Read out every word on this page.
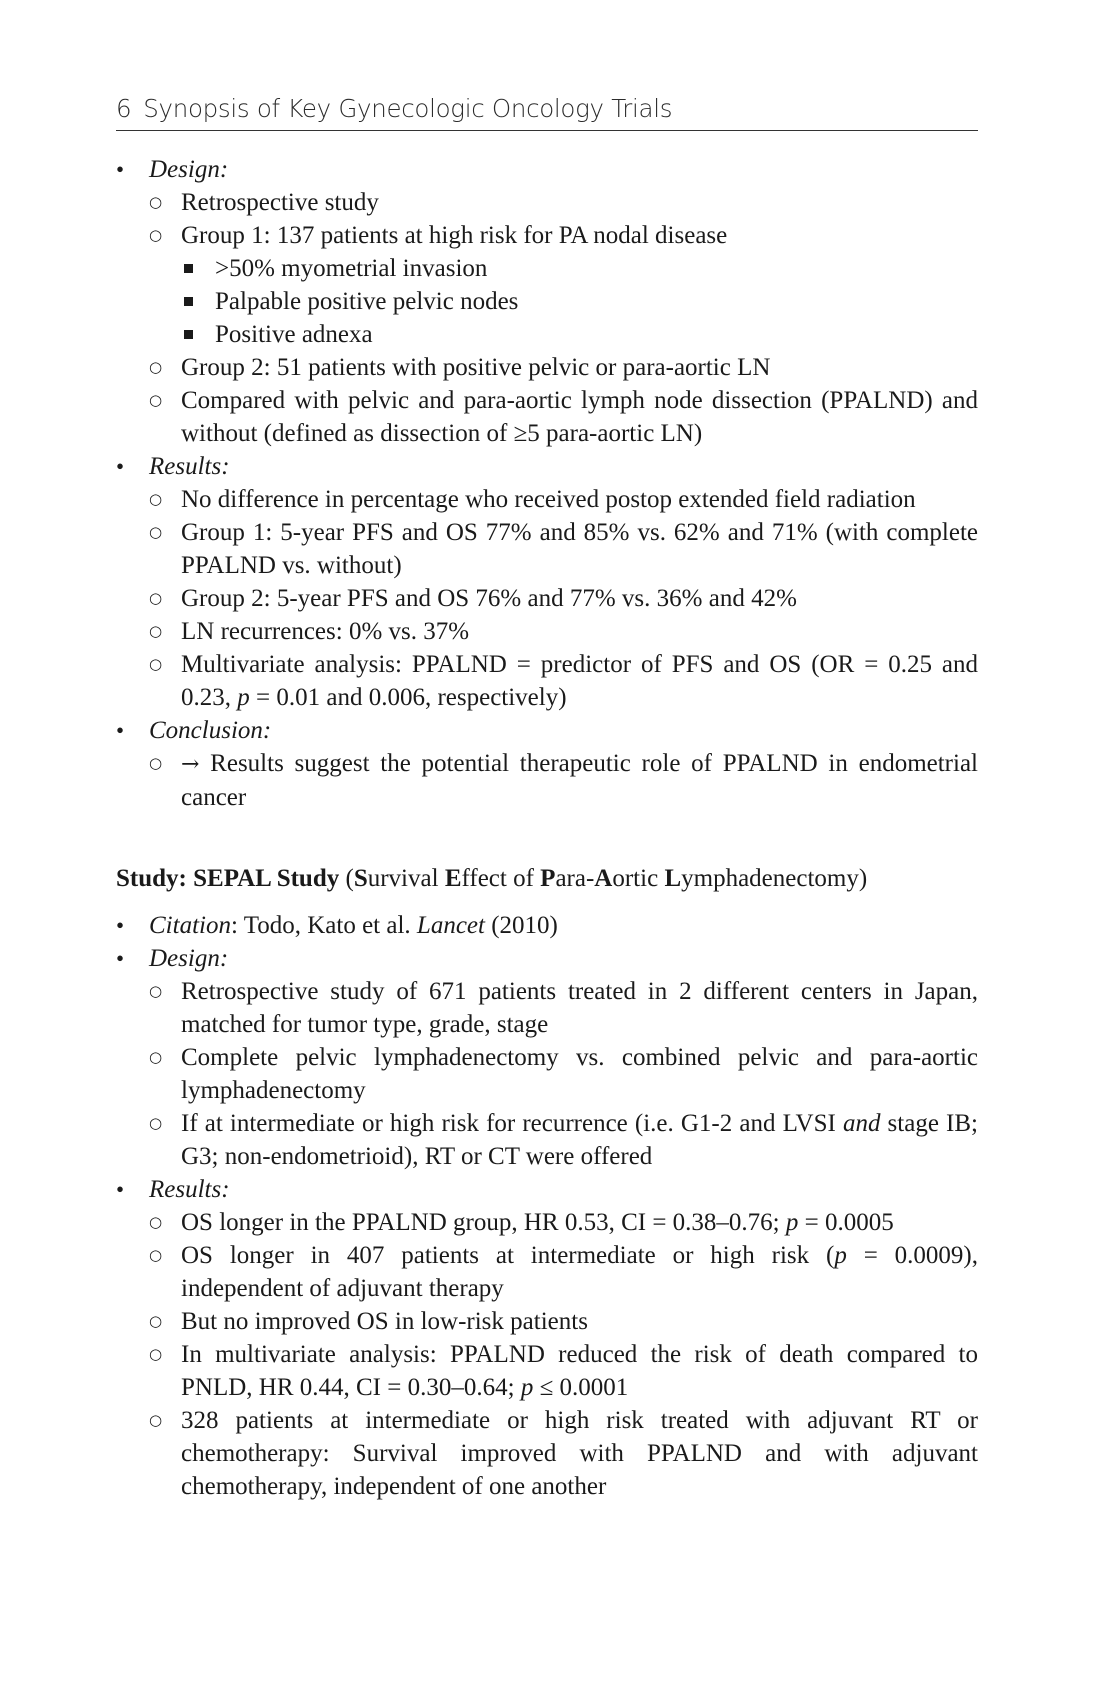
6 Synopsis of Key Gynecologic Oncology Trials
• Design:
○ Retrospective study
○ Group 1: 137 patients at high risk for PA nodal disease
>50% myometrial invasion
Palpable positive pelvic nodes
Positive adnexa
○ Group 2: 51 patients with positive pelvic or para-aortic LN
○ Compared with pelvic and para-aortic lymph node dissection (PPALND) and without (defined as dissection of ≥5 para-aortic LN)
• Results:
○ No difference in percentage who received postop extended field radiation
○ Group 1: 5-year PFS and OS 77% and 85% vs. 62% and 71% (with complete PPALND vs. without)
○ Group 2: 5-year PFS and OS 76% and 77% vs. 36% and 42%
○ LN recurrences: 0% vs. 37%
○ Multivariate analysis: PPALND = predictor of PFS and OS (OR = 0.25 and 0.23, p = 0.01 and 0.006, respectively)
• Conclusion:
○ → Results suggest the potential therapeutic role of PPALND in endometrial cancer
Study: SEPAL Study (Survival Effect of Para-Aortic Lymphadenectomy)
• Citation: Todo, Kato et al. Lancet (2010)
• Design:
○ Retrospective study of 671 patients treated in 2 different centers in Japan, matched for tumor type, grade, stage
○ Complete pelvic lymphadenectomy vs. combined pelvic and para-aortic lymphadenectomy
○ If at intermediate or high risk for recurrence (i.e. G1-2 and LVSI and stage IB; G3; non-endometrioid), RT or CT were offered
• Results:
○ OS longer in the PPALND group, HR 0.53, CI = 0.38–0.76; p = 0.0005
○ OS longer in 407 patients at intermediate or high risk (p = 0.0009), independent of adjuvant therapy
○ But no improved OS in low-risk patients
○ In multivariate analysis: PPALND reduced the risk of death compared to PNLD, HR 0.44, CI = 0.30–0.64; p ≤ 0.0001
○ 328 patients at intermediate or high risk treated with adjuvant RT or chemotherapy: Survival improved with PPALND and with adjuvant chemotherapy, independent of one another
